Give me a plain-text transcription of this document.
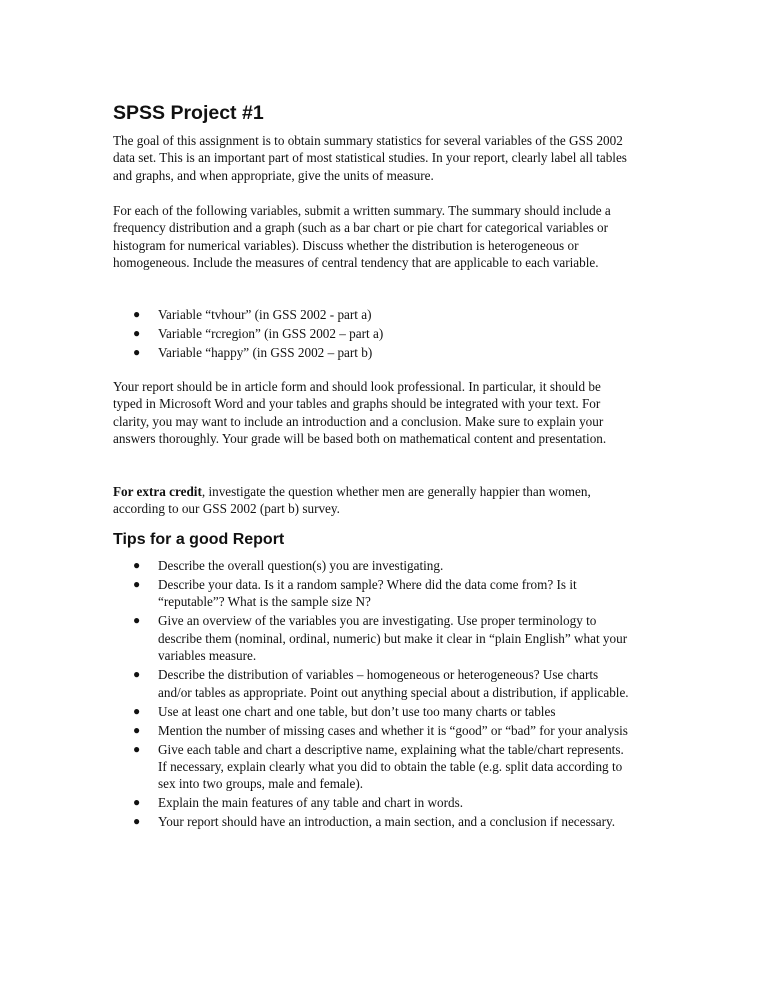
SPSS Project #1

The goal of this assignment is to obtain summary statistics for several variables of the GSS 2002 data set. This is an important part of most statistical studies. In your report, clearly label all tables and graphs, and when appropriate, give the units of measure.

For each of the following variables, submit a written summary. The summary should include a frequency distribution and a graph (such as a bar chart or pie chart for categorical variables or histogram for numerical variables). Discuss whether the distribution is heterogeneous or homogeneous. Include the measures of central tendency that are applicable to each variable.

● Variable “tvhour” (in GSS 2002 - part a)
● Variable “rcregion” (in GSS 2002 – part a)
● Variable “happy” (in GSS 2002 – part b)

Your report should be in article form and should look professional. In particular, it should be typed in Microsoft Word and your tables and graphs should be integrated with your text. For clarity, you may want to include an introduction and a conclusion. Make sure to explain your answers thoroughly. Your grade will be based both on mathematical content and presentation.

For extra credit, investigate the question whether men are generally happier than women, according to our GSS 2002 (part b) survey.

Tips for a good Report
● Describe the overall question(s) you are investigating.
● Describe your data. Is it a random sample? Where did the data come from? Is it “reputable”? What is the sample size N?
● Give an overview of the variables you are investigating. Use proper terminology to describe them (nominal, ordinal, numeric) but make it clear in “plain English” what your variables measure.
● Describe the distribution of variables – homogeneous or heterogeneous? Use charts and/or tables as appropriate. Point out anything special about a distribution, if applicable.
● Use at least one chart and one table, but don’t use too many charts or tables
● Mention the number of missing cases and whether it is “good” or “bad” for your analysis
● Give each table and chart a descriptive name, explaining what the table/chart represents. If necessary, explain clearly what you did to obtain the table (e.g. split data according to sex into two groups, male and female).
● Explain the main features of any table and chart in words.
● Your report should have an introduction, a main section, and a conclusion if necessary.
